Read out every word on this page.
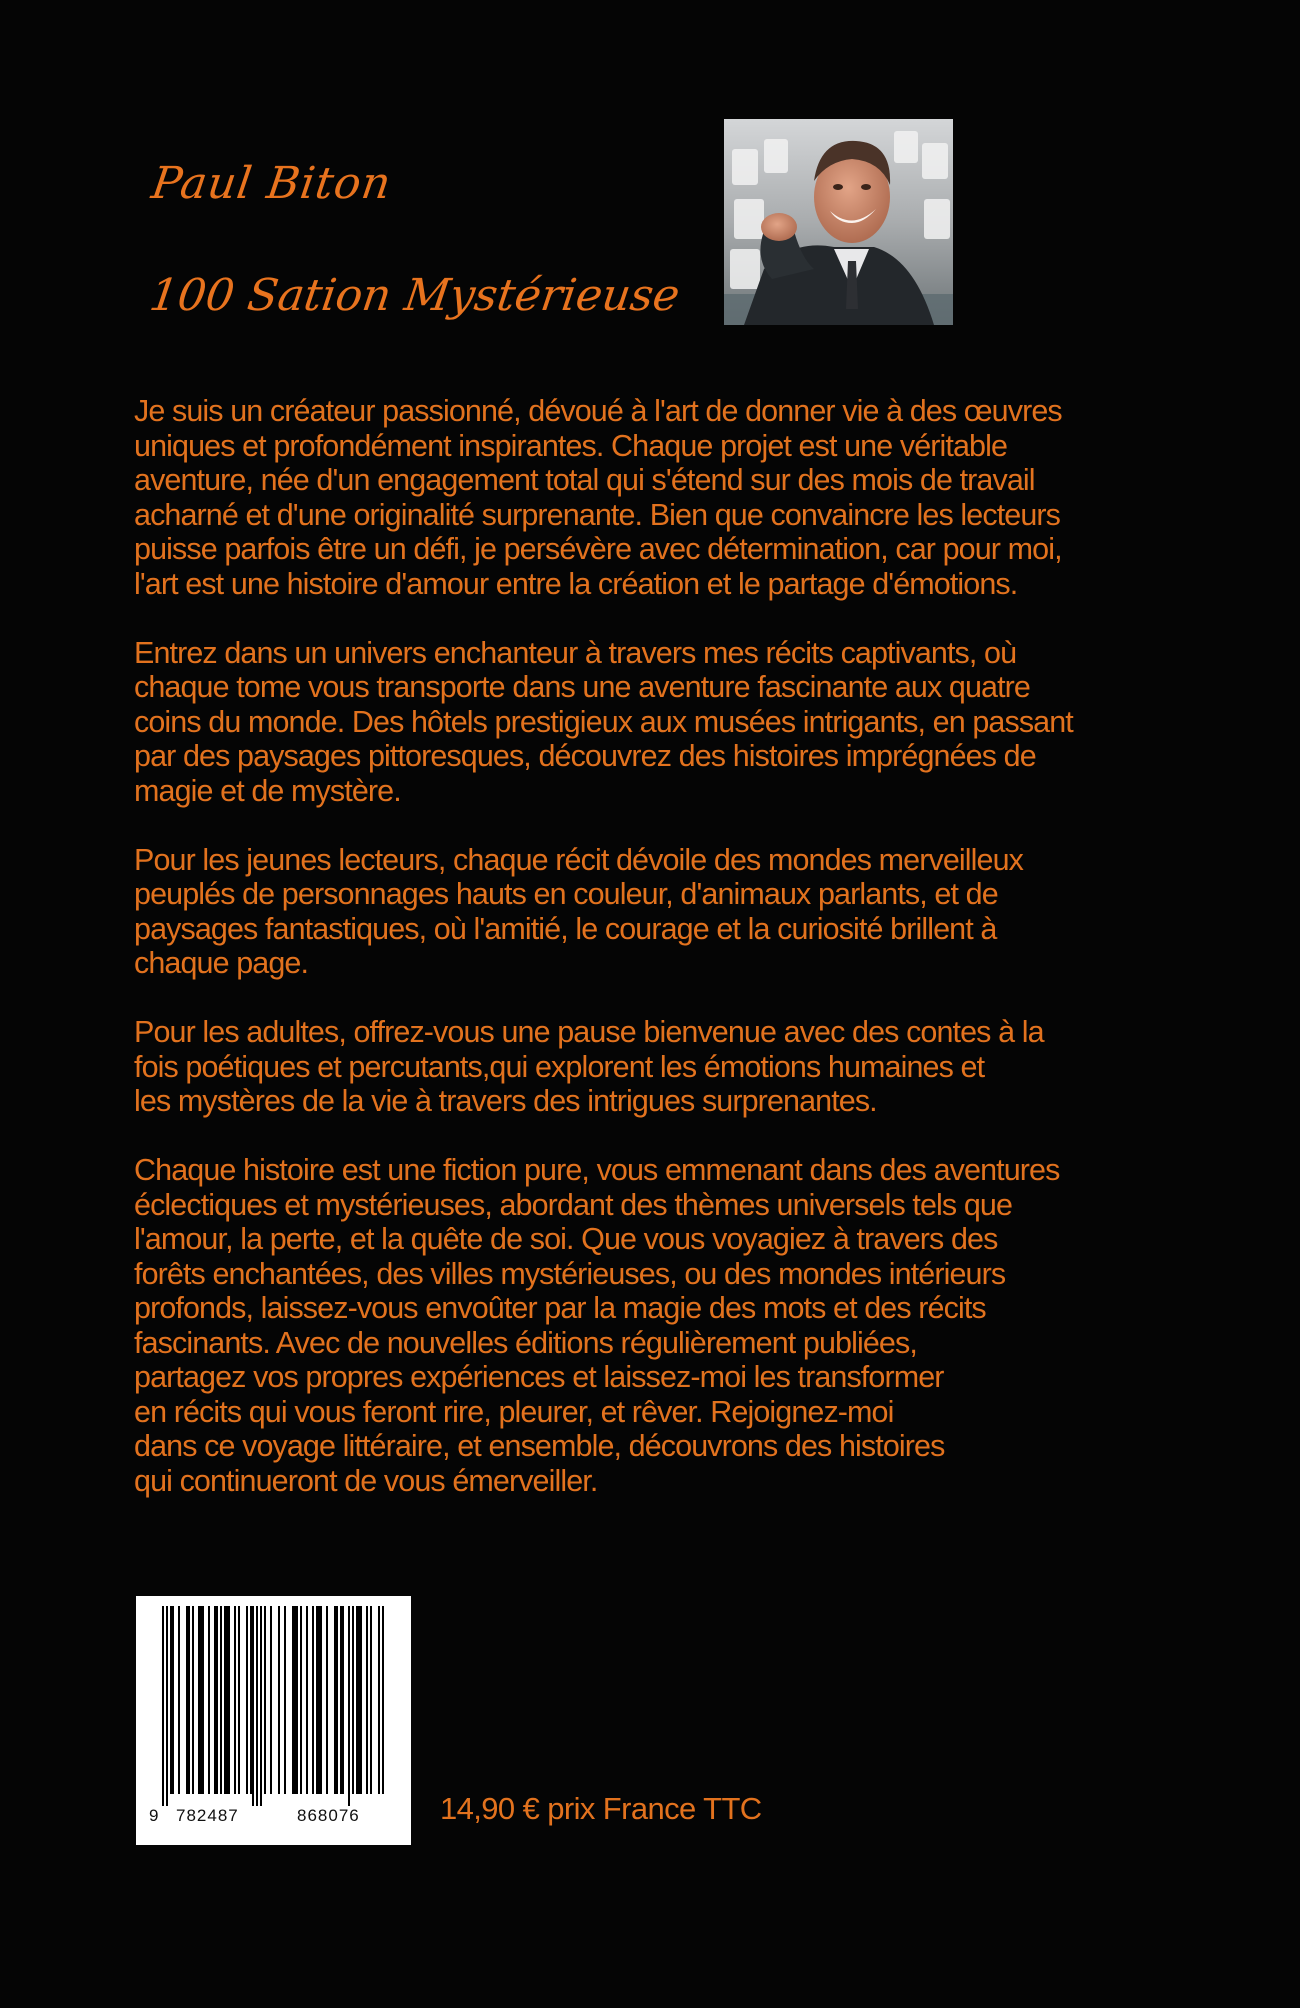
Paul Biton
100 Sation Mystérieuse
Je suis un créateur passionné, dévoué à l'art de donner vie à des œuvres
uniques et profondément inspirantes. Chaque projet est une véritable
aventure, née d'un engagement total qui s'étend sur des mois de travail
acharné et d'une originalité surprenante. Bien que convaincre les lecteurs
puisse parfois être un défi, je persévère avec détermination, car pour moi,
l'art est une histoire d'amour entre la création et le partage d'émotions.
Entrez dans un univers enchanteur à travers mes récits captivants, où
chaque tome vous transporte dans une aventure fascinante aux quatre
coins du monde. Des hôtels prestigieux aux musées intrigants, en passant
par des paysages pittoresques, découvrez des histoires imprégnées de
magie et de mystère.
Pour les jeunes lecteurs, chaque récit dévoile des mondes merveilleux
peuplés de personnages hauts en couleur, d'animaux parlants, et de
paysages fantastiques, où l'amitié, le courage et la curiosité brillent à
chaque page.
Pour les adultes, offrez-vous une pause bienvenue avec des contes à la
fois poétiques et percutants,qui explorent les émotions humaines et
les mystères de la vie à travers des intrigues surprenantes.
Chaque histoire est une fiction pure, vous emmenant dans des aventures
éclectiques et mystérieuses, abordant des thèmes universels tels que
l'amour, la perte, et la quête de soi. Que vous voyagiez à travers des
forêts enchantées, des villes mystérieuses, ou des mondes intérieurs
profonds, laissez-vous envoûter par la magie des mots et des récits
fascinants. Avec de nouvelles éditions régulièrement publiées,
partagez vos propres expériences et laissez-moi les transformer
en récits qui vous feront rire, pleurer, et rêver. Rejoignez-moi
dans ce voyage littéraire, et ensemble, découvrons des histoires
qui continueront de vous émerveiller.
9 782487	868076	14,90 € prix France TTC
